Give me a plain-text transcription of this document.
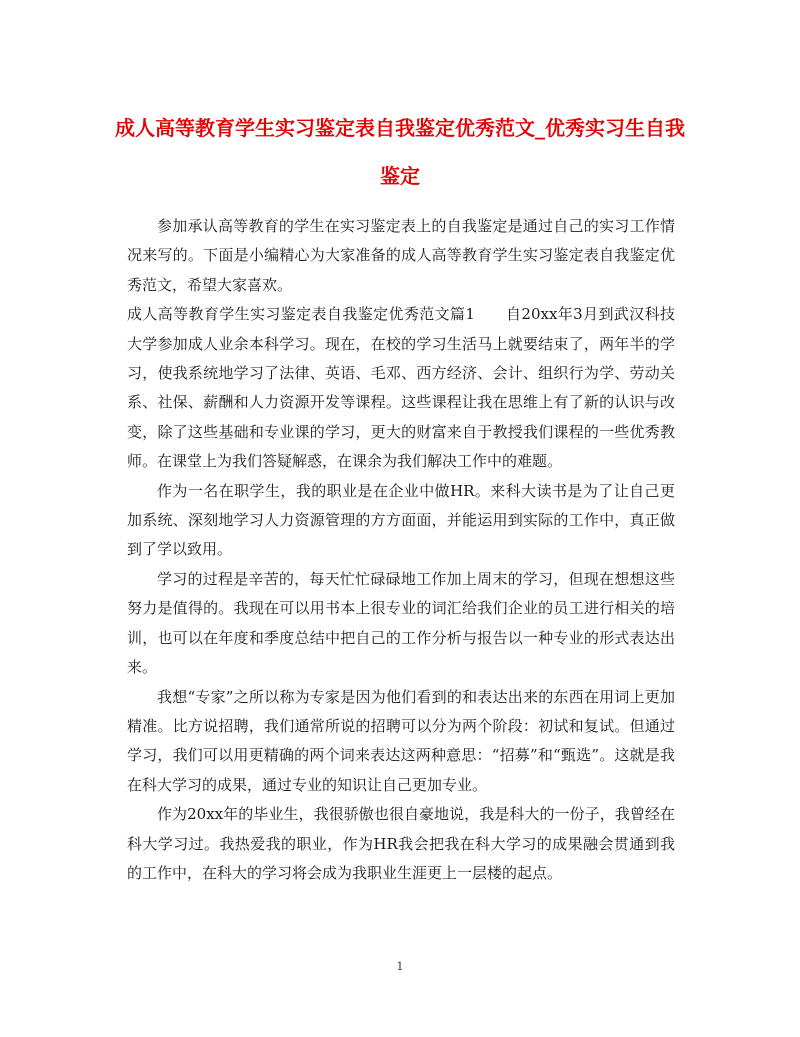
成人高等教育学生实习鉴定表自我鉴定优秀范文_优秀实习生自我鉴定

参加承认高等教育的学生在实习鉴定表上的自我鉴定是通过自己的实习工作情况来写的。下面是小编精心为大家准备的成人高等教育学生实习鉴定表自我鉴定优秀范文，希望大家喜欢。

成人高等教育学生实习鉴定表自我鉴定优秀范文篇1　　自20xx年3月到武汉科技大学参加成人业余本科学习。现在，在校的学习生活马上就要结束了，两年半的学习，使我系统地学习了法律、英语、毛邓、西方经济、会计、组织行为学、劳动关系、社保、薪酬和人力资源开发等课程。这些课程让我在思维上有了新的认识与改变，除了这些基础和专业课的学习，更大的财富来自于教授我们课程的一些优秀教师。在课堂上为我们答疑解惑，在课余为我们解决工作中的难题。

作为一名在职学生，我的职业是在企业中做HR。来科大读书是为了让自己更加系统、深刻地学习人力资源管理的方方面面，并能运用到实际的工作中，真正做到了学以致用。

学习的过程是辛苦的，每天忙忙碌碌地工作加上周末的学习，但现在想想这些努力是值得的。我现在可以用书本上很专业的词汇给我们企业的员工进行相关的培训，也可以在年度和季度总结中把自己的工作分析与报告以一种专业的形式表达出来。

我想“专家”之所以称为专家是因为他们看到的和表达出来的东西在用词上更加精准。比方说招聘，我们通常所说的招聘可以分为两个阶段：初试和复试。但通过学习，我们可以用更精确的两个词来表达这两种意思：“招募”和“甄选”。这就是我在科大学习的成果，通过专业的知识让自己更加专业。

作为20xx年的毕业生，我很骄傲也很自豪地说，我是科大的一份子，我曾经在科大学习过。我热爱我的职业，作为HR我会把我在科大学习的成果融会贯通到我的工作中，在科大的学习将会成为我职业生涯更上一层楼的起点。

1
